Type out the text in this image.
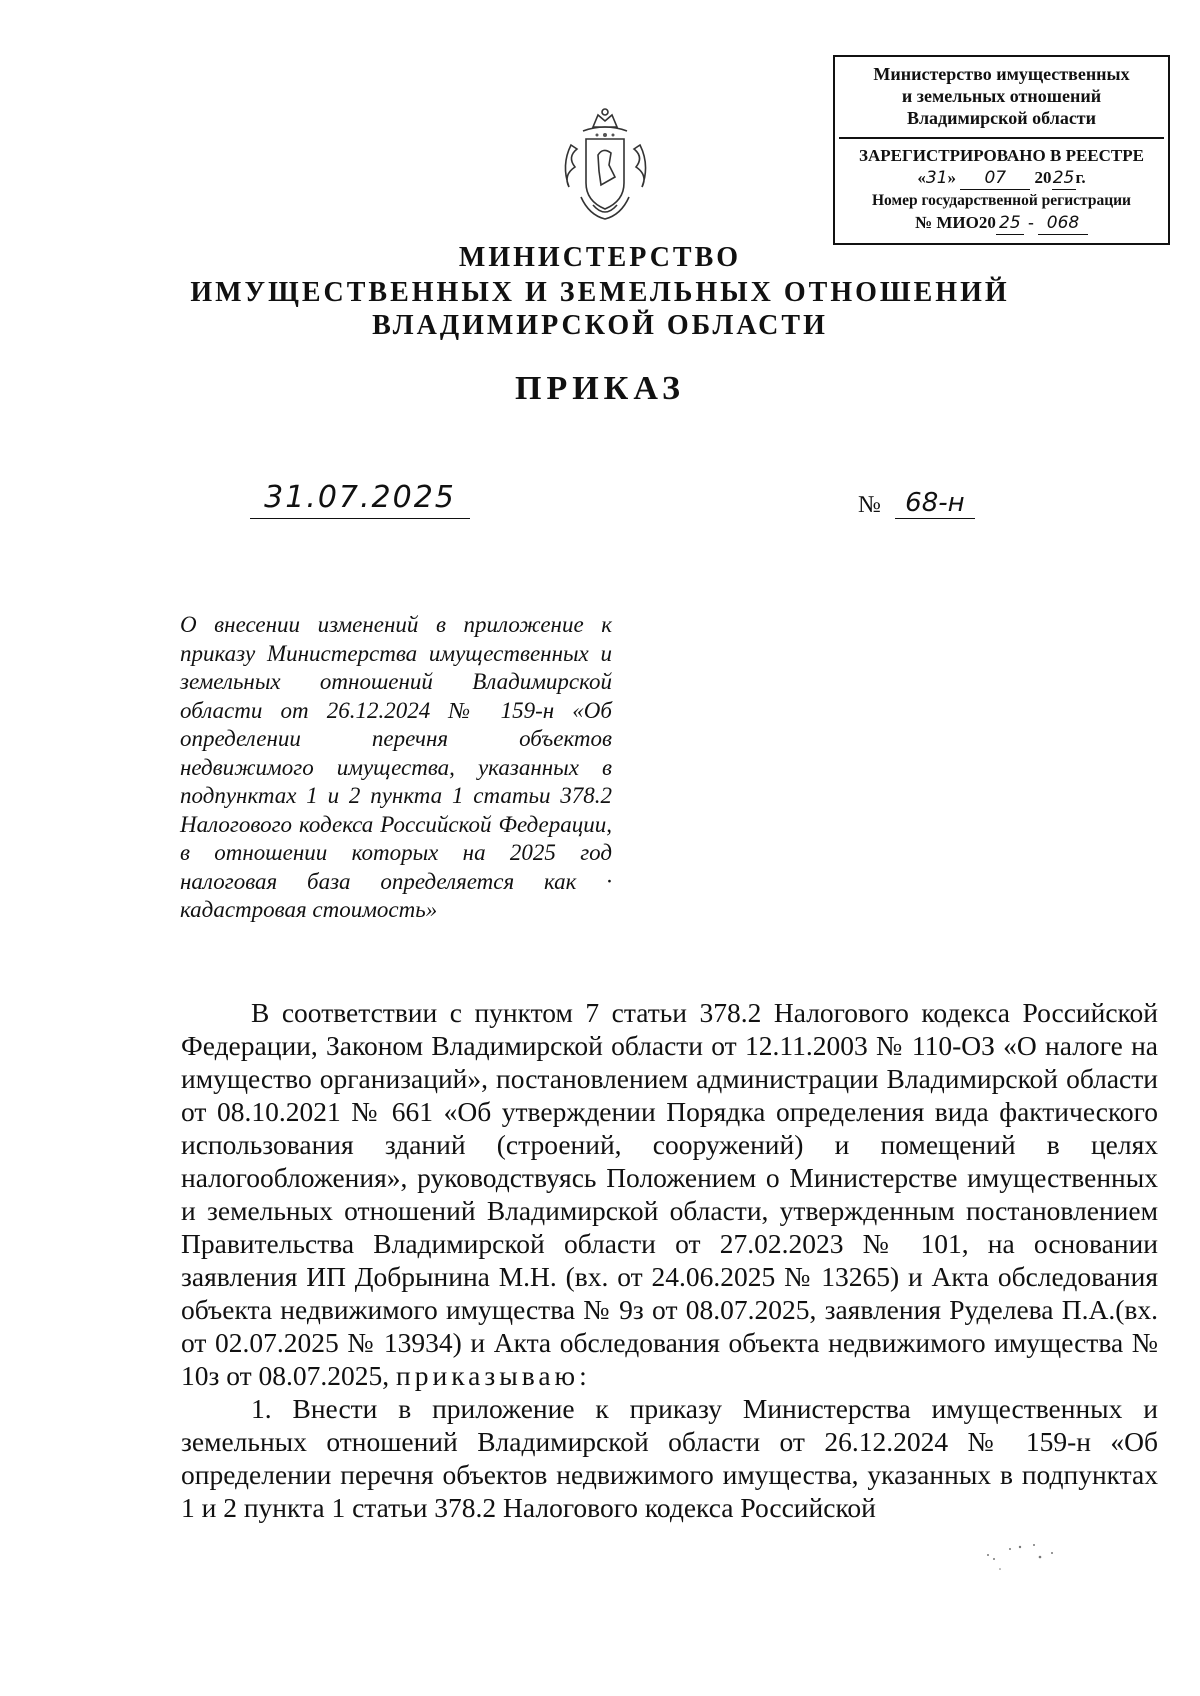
Министерство имущественных
и земельных отношений
Владимирской области
ЗАРЕГИСТРИРОВАНО В РЕЕСТРЕ
«31» 07 2025г.
Номер государственной регистрации
№ МИО20 25 - 068
МИНИСТЕРСТВО
ИМУЩЕСТВЕННЫХ И ЗЕМЕЛЬНЫХ ОТНОШЕНИЙ
ВЛАДИМИРСКОЙ ОБЛАСТИ
ПРИКАЗ
31.07.2025	№ 68-н
О внесении изменений в приложение к приказу Министерства имущественных и земельных отношений Владимирской области от 26.12.2024 № 159-н «Об определении перечня объектов недвижимого имущества, указанных в подпунктах 1 и 2 пункта 1 статьи 378.2 Налогового кодекса Российской Федерации, в отношении которых на 2025 год налоговая база определяется как · кадастровая стоимость»

В соответствии с пунктом 7 статьи 378.2 Налогового кодекса Российской Федерации, Законом Владимирской области от 12.11.2003 № 110-ОЗ «О налоге на имущество организаций», постановлением администрации Владимирской области от 08.10.2021 № 661 «Об утверждении Порядка определения вида фактического использования зданий (строений, сооружений) и помещений в целях налогообложения», руководствуясь Положением о Министерстве имущественных и земельных отношений Владимирской области, утвержденным постановлением Правительства Владимирской области от 27.02.2023 № 101, на основании заявления ИП Добрынина М.Н. (вх. от 24.06.2025 № 13265) и Акта обследования объекта недвижимого имущества № 9з от 08.07.2025, заявления Руделева П.А.(вх. от 02.07.2025 № 13934) и Акта обследования объекта недвижимого имущества № 10з от 08.07.2025, приказываю:

1. Внести в приложение к приказу Министерства имущественных и земельных отношений Владимирской области от 26.12.2024 № 159-н «Об определении перечня объектов недвижимого имущества, указанных в подпунктах 1 и 2 пункта 1 статьи 378.2 Налогового кодекса Российской
